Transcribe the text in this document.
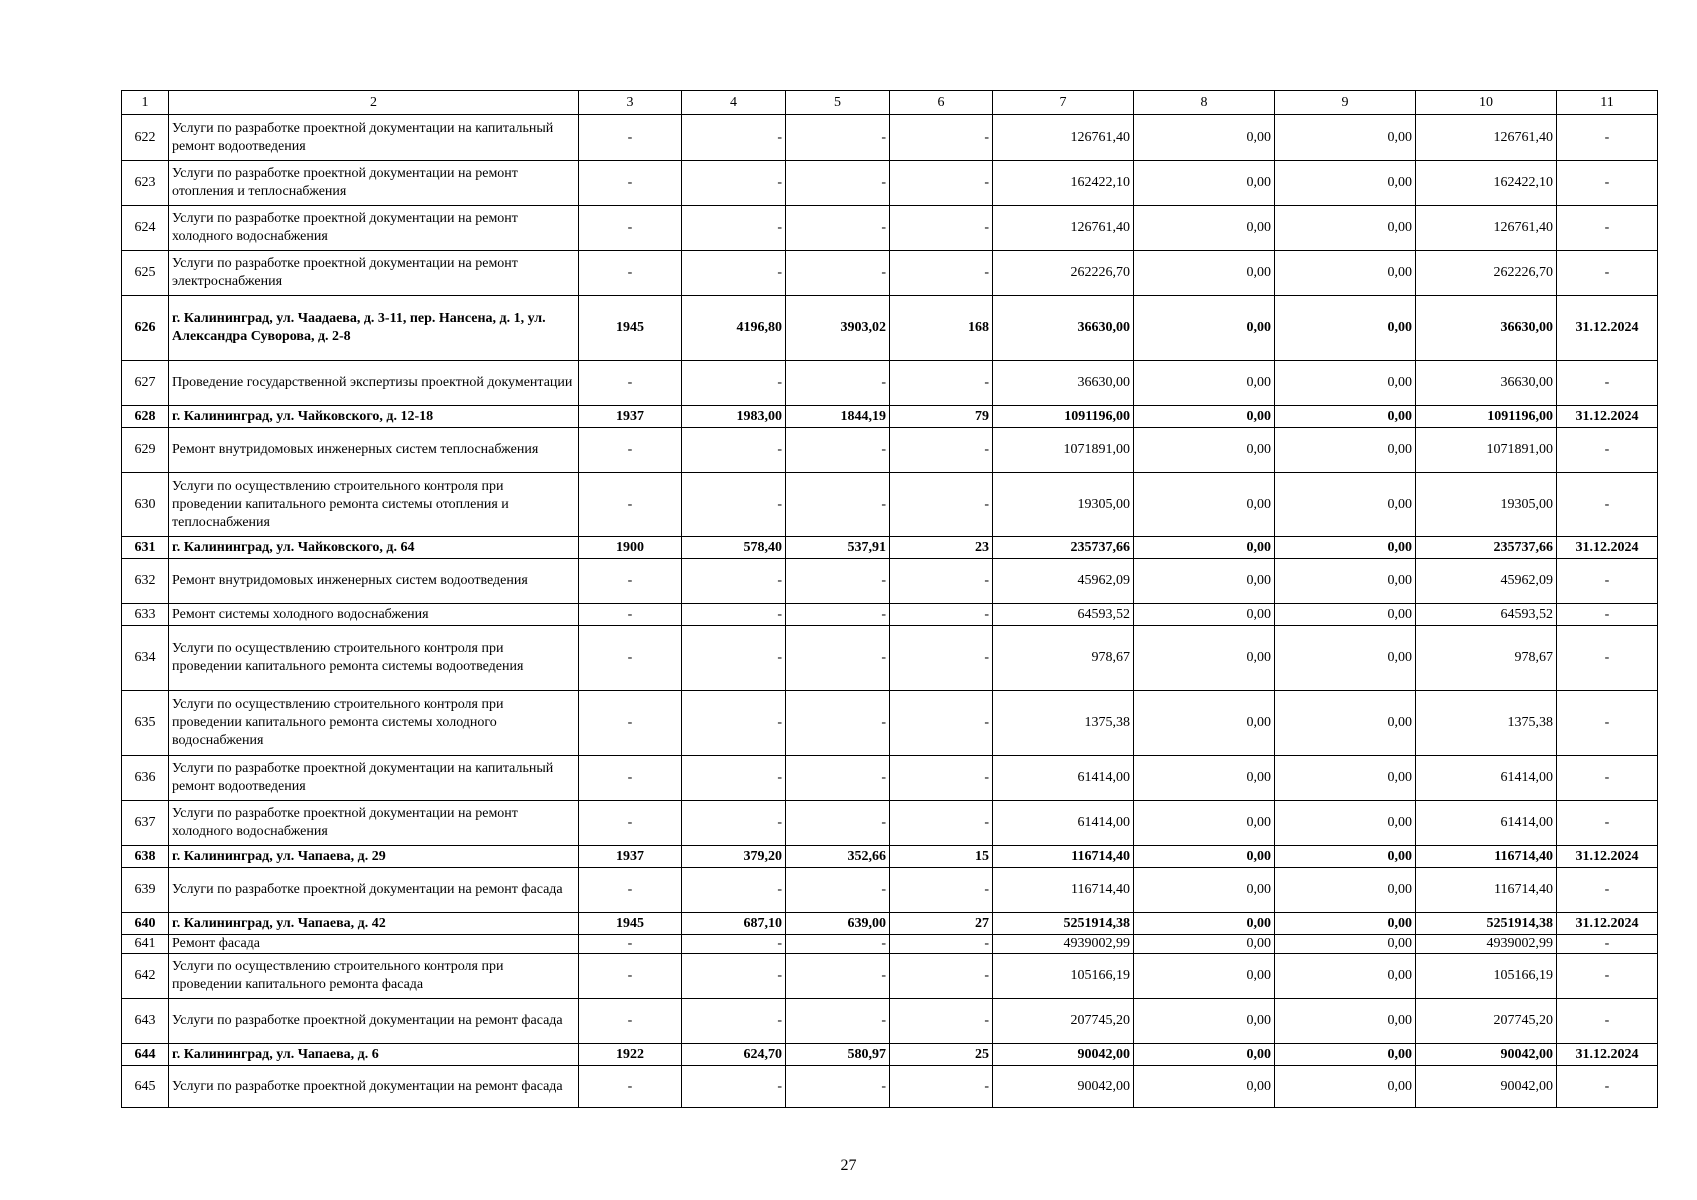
1	2	3	4	5	6	7	8	9	10	11
622	Услуги по разработке проектной документации на капитальный ремонт водоотведения	-	-	-	-	126761,40	0,00	0,00	126761,40	-
623	Услуги по разработке проектной документации на ремонт отопления и теплоснабжения	-	-	-	-	162422,10	0,00	0,00	162422,10	-
624	Услуги по разработке проектной документации на ремонт холодного водоснабжения	-	-	-	-	126761,40	0,00	0,00	126761,40	-
625	Услуги по разработке проектной документации на ремонт электроснабжения	-	-	-	-	262226,70	0,00	0,00	262226,70	-
626	г. Калининград, ул. Чаадаева, д. 3-11, пер. Нансена, д. 1, ул. Александра Суворова, д. 2-8	1945	4196,80	3903,02	168	36630,00	0,00	0,00	36630,00	31.12.2024
627	Проведение государственной экспертизы проектной документации	-	-	-	-	36630,00	0,00	0,00	36630,00	-
628	г. Калининград, ул. Чайковского, д. 12-18	1937	1983,00	1844,19	79	1091196,00	0,00	0,00	1091196,00	31.12.2024
629	Ремонт внутридомовых инженерных систем теплоснабжения	-	-	-	-	1071891,00	0,00	0,00	1071891,00	-
630	Услуги по осуществлению строительного контроля при проведении капитального ремонта системы отопления и теплоснабжения	-	-	-	-	19305,00	0,00	0,00	19305,00	-
631	г. Калининград, ул. Чайковского, д. 64	1900	578,40	537,91	23	235737,66	0,00	0,00	235737,66	31.12.2024
632	Ремонт внутридомовых инженерных систем водоотведения	-	-	-	-	45962,09	0,00	0,00	45962,09	-
633	Ремонт системы холодного водоснабжения	-	-	-	-	64593,52	0,00	0,00	64593,52	-
634	Услуги по осуществлению строительного контроля при проведении капитального ремонта системы водоотведения	-	-	-	-	978,67	0,00	0,00	978,67	-
635	Услуги по осуществлению строительного контроля при проведении капитального ремонта системы холодного водоснабжения	-	-	-	-	1375,38	0,00	0,00	1375,38	-
636	Услуги по разработке проектной документации на капитальный ремонт водоотведения	-	-	-	-	61414,00	0,00	0,00	61414,00	-
637	Услуги по разработке проектной документации на ремонт холодного водоснабжения	-	-	-	-	61414,00	0,00	0,00	61414,00	-
638	г. Калининград, ул. Чапаева, д. 29	1937	379,20	352,66	15	116714,40	0,00	0,00	116714,40	31.12.2024
639	Услуги по разработке проектной документации на ремонт фасада	-	-	-	-	116714,40	0,00	0,00	116714,40	-
640	г. Калининград, ул. Чапаева, д. 42	1945	687,10	639,00	27	5251914,38	0,00	0,00	5251914,38	31.12.2024
641	Ремонт фасада	-	-	-	-	4939002,99	0,00	0,00	4939002,99	-
642	Услуги по осуществлению строительного контроля при проведении капитального ремонта фасада	-	-	-	-	105166,19	0,00	0,00	105166,19	-
643	Услуги по разработке проектной документации на ремонт фасада	-	-	-	-	207745,20	0,00	0,00	207745,20	-
644	г. Калининград, ул. Чапаева, д. 6	1922	624,70	580,97	25	90042,00	0,00	0,00	90042,00	31.12.2024
645	Услуги по разработке проектной документации на ремонт фасада	-	-	-	-	90042,00	0,00	0,00	90042,00	-
27
